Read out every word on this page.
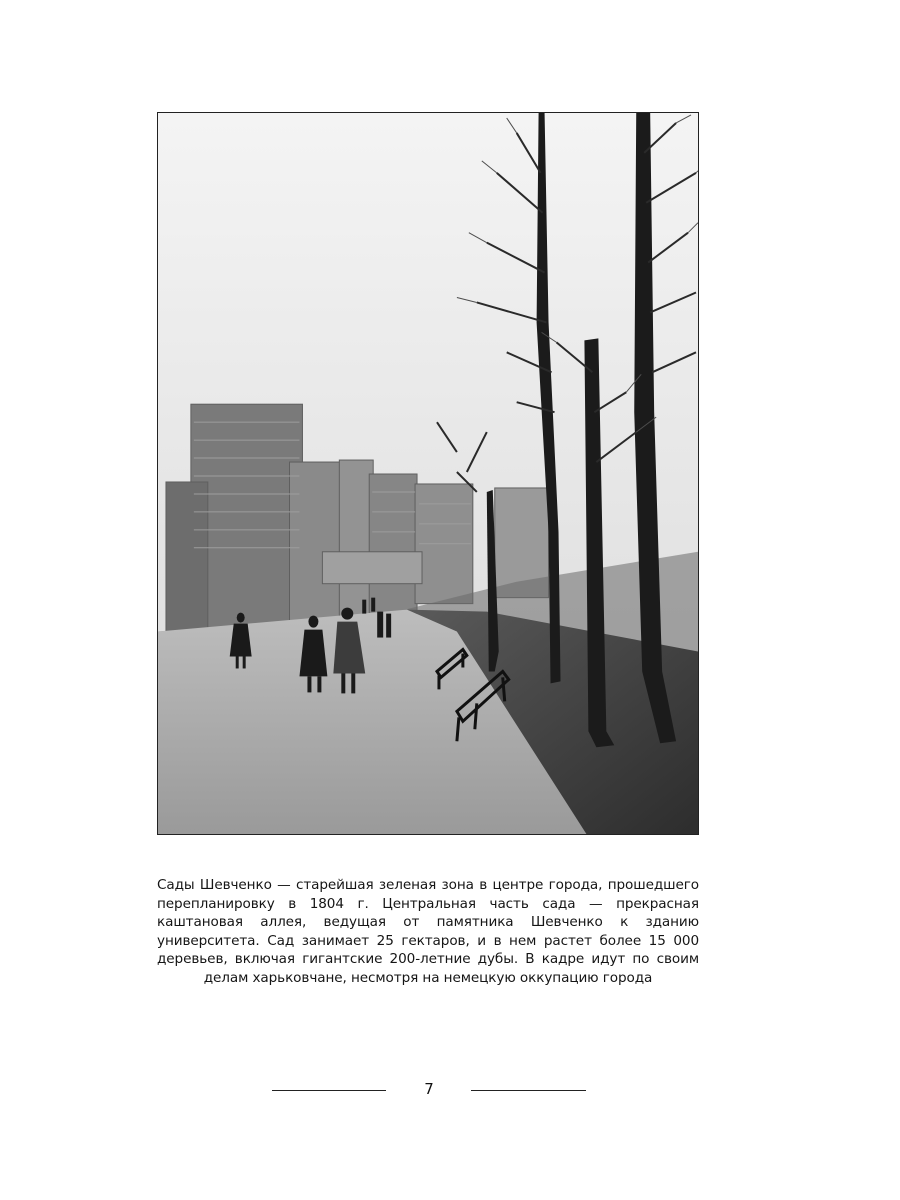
Сады Шевченко — старейшая зеленая зона в центре города, прошедшего перепланировку в 1804 г. Центральная часть сада — прекрасная каштановая аллея, ведущая от памятника Шевченко к зданию университета. Сад занимает 25 гектаров, и в нем растет более 15 000 деревьев, включая гигантские 200-летние дубы. В кадре идут по своим делам харьковчане, несмотря на немецкую оккупацию города

7
